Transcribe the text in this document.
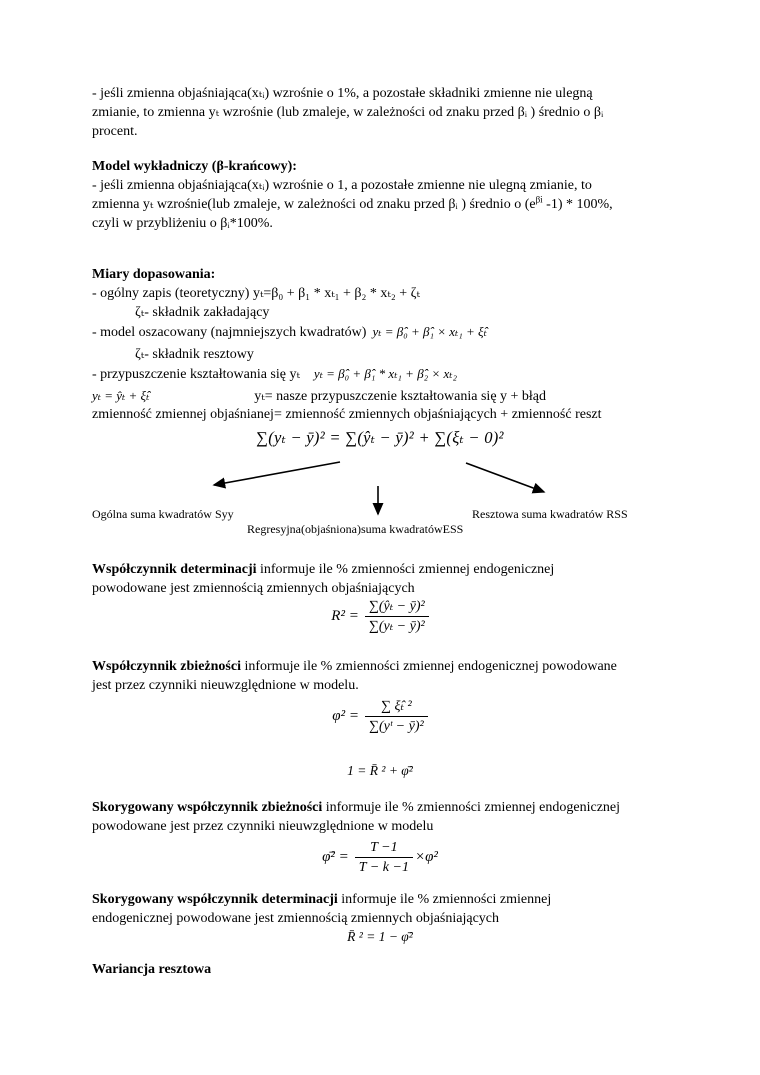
- jeśli zmienna objaśniająca(xₜᵢ) wzrośnie o 1%, a pozostałe składniki zmienne nie ulegną
zmianie, to zmienna yₜ wzrośnie (lub zmaleje, w zależności od znaku przed βᵢ ) średnio o βᵢ
procent.
Model wykładniczy (β-krańcowy):
- jeśli zmienna objaśniająca(xₜᵢ) wzrośnie o 1, a pozostałe zmienne nie ulegną zmianie, to
zmienna yₜ wzrośnie(lub zmaleje, w zależności od znaku przed βᵢ ) średnio o ($e^{\beta i}$ -1) * 100%,
czyli w przybliżeniu o βᵢ*100%.
Miary dopasowania:
- ogólny zapis (teoretyczny) yₜ=β₀ + β₁ * xₜ₁ + β₂ * xₜ₂ + ζₜ
ζₜ- składnik zakładający
- model oszacowany (najmniejszych kwadratów) yₜ = β̂₀ + β̂₁ × xₜ₁ + ξ̂ₜ
ζₜ- składnik resztowy
- przypuszczenie kształtowania się yₜ yₜ = β̂₀ + β̂₁ * xₜ₁ + β̂₂ × xₜ₂
yₜ = ŷₜ + ξ̂ₜ	yₜ= nasze przypuszczenie kształtowania się y + błąd
zmienność zmiennej objaśnianej= zmienność zmiennych objaśniających + zmienność reszt
∑(yₜ − ȳ)² = ∑(ŷₜ − ȳ)² + ∑(ξₜ − 0)²
Ogólna suma kwadratów Syy	Resztowa suma kwadratów RSS
Regresyjna(objaśniona)suma kwadratówESS
Współczynnik determinacji informuje ile % zmienności zmiennej endogenicznej
powodowane jest zmiennością zmiennych objaśniających
$R^2 = \frac{\text{∑(ŷₜ − ȳ)²}}{\text{∑(yₜ − ȳ)²}}$
Współczynnik zbieżności informuje ile % zmienności zmiennej endogenicznej powodowane
jest przez czynniki nieuwzględnione w modelu.
$\varphi^2 = \frac{\text{∑ ξ̂ₜ ²}}{\text{∑(yᵗ − ȳ)²}}$
1 = R̄ ² + φ̄²
Skorygowany współczynnik zbieżności informuje ile % zmienności zmiennej endogenicznej
powodowane jest przez czynniki nieuwzględnione w modelu
φ̄² = $\frac{T -1}{T - k -1} \times\varphi^2$
Skorygowany współczynnik determinacji informuje ile % zmienności zmiennej
endogenicznej powodowane jest zmiennością zmiennych objaśniających
R̄ ² = 1 − φ̄²
Wariancja resztowa
